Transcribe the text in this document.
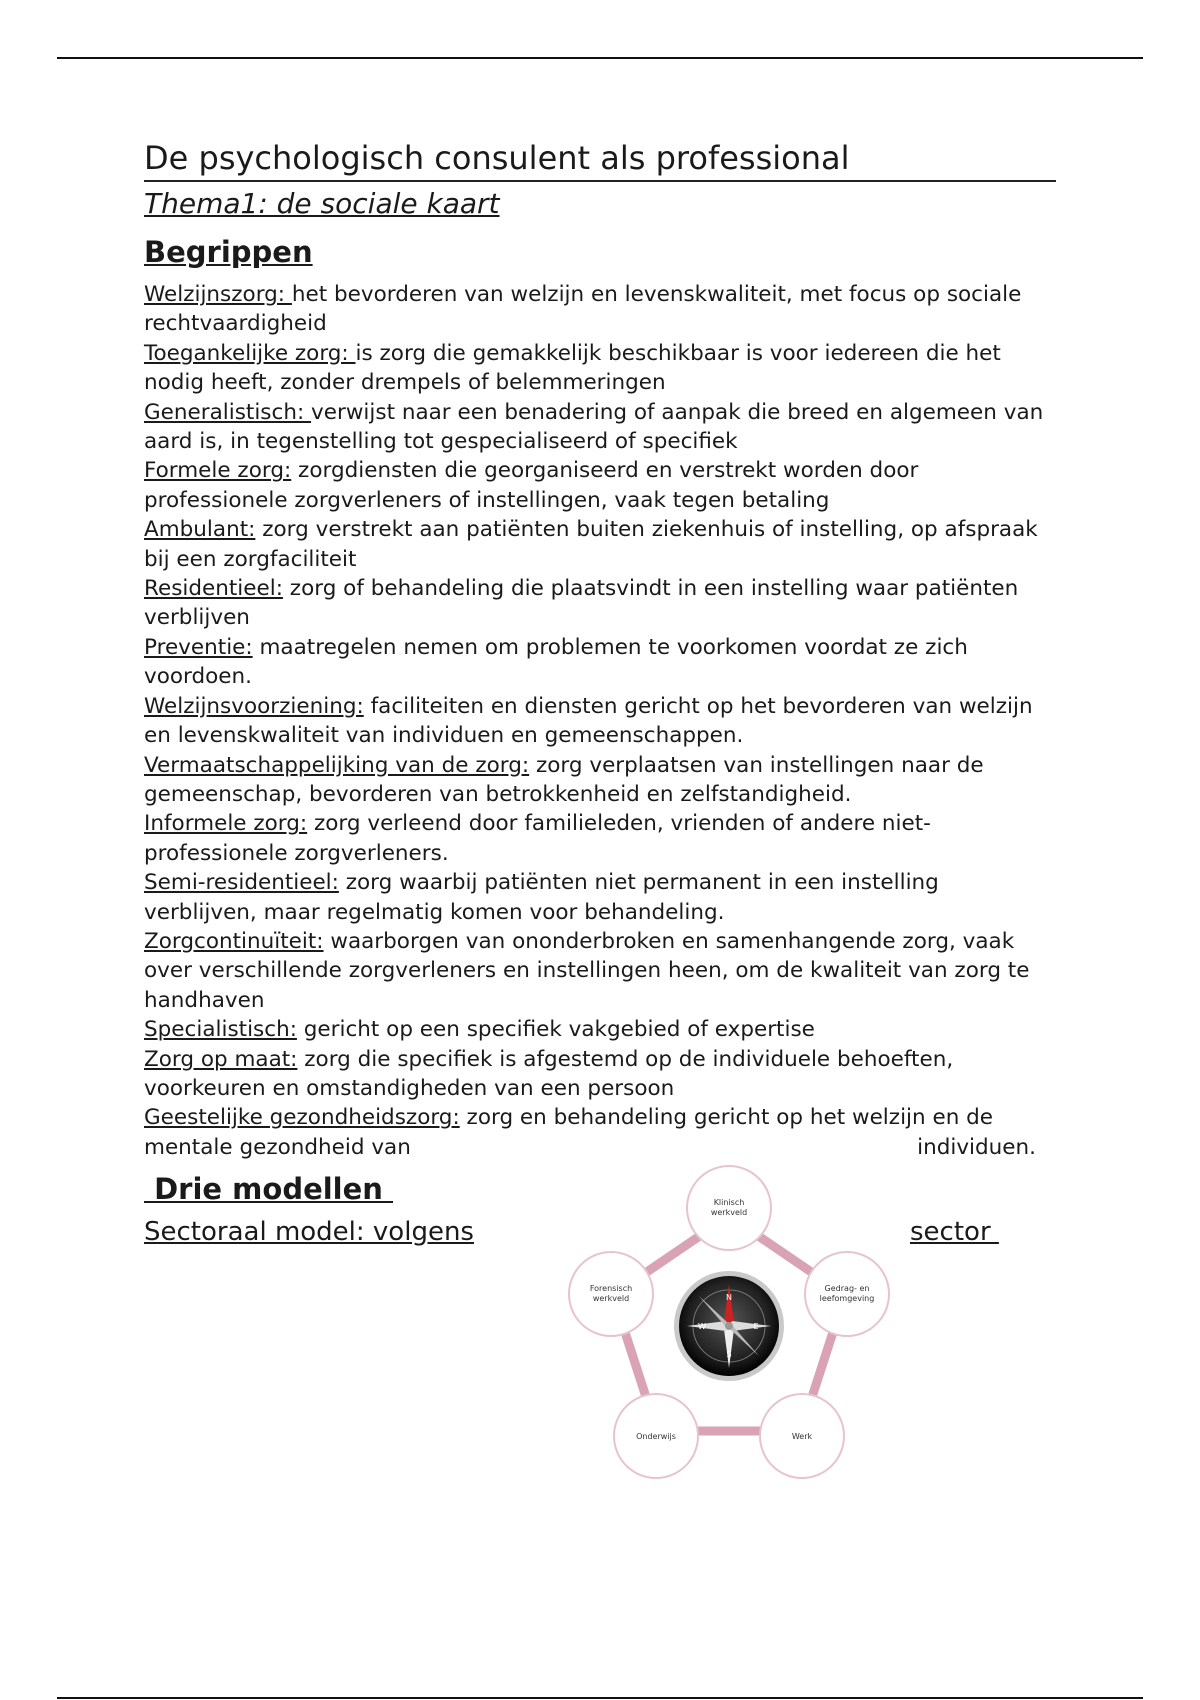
De psychologisch consulent als professional
Thema1: de sociale kaart
Begrippen

Welzijnszorg: het bevorderen van welzijn en levenskwaliteit, met focus op sociale rechtvaardigheid

Toegankelijke zorg: is zorg die gemakkelijk beschikbaar is voor iedereen die het nodig heeft, zonder drempels of belemmeringen

Generalistisch: verwijst naar een benadering of aanpak die breed en algemeen van aard is, in tegenstelling tot gespecialiseerd of specifiek

Formele zorg: zorgdiensten die georganiseerd en verstrekt worden door professionele zorgverleners of instellingen, vaak tegen betaling

Ambulant: zorg verstrekt aan patiënten buiten ziekenhuis of instelling, op afspraak bij een zorgfaciliteit

Residentieel: zorg of behandeling die plaatsvindt in een instelling waar patiënten verblijven

Preventie: maatregelen nemen om problemen te voorkomen voordat ze zich voordoen.

Welzijnsvoorziening: faciliteiten en diensten gericht op het bevorderen van welzijn en levenskwaliteit van individuen en gemeenschappen.

Vermaatschappelijking van de zorg: zorg verplaatsen van instellingen naar de gemeenschap, bevorderen van betrokkenheid en zelfstandigheid.

Informele zorg: zorg verleend door familieleden, vrienden of andere niet-professionele zorgverleners.

Semi-residentieel: zorg waarbij patiënten niet permanent in een instelling verblijven, maar regelmatig komen voor behandeling.

Zorgcontinuïteit: waarborgen van ononderbroken en samenhangende zorg, vaak over verschillende zorgverleners en instellingen heen, om de kwaliteit van zorg te handhaven

Specialistisch: gericht op een specifiek vakgebied of expertise

Zorg op maat: zorg die specifiek is afgestemd op de individuele behoeften, voorkeuren en omstandigheden van een persoon

Geestelijke gezondheidszorg: zorg en behandeling gericht op het welzijn en de

mentale gezondheid van	individuen.
Drie modellen
Sectoraal model: volgens	sector
N
E
S
W
Klinisch werkveld
Gedrag- en leefomgeving
Werk
Onderwijs
Forensisch werkveld
